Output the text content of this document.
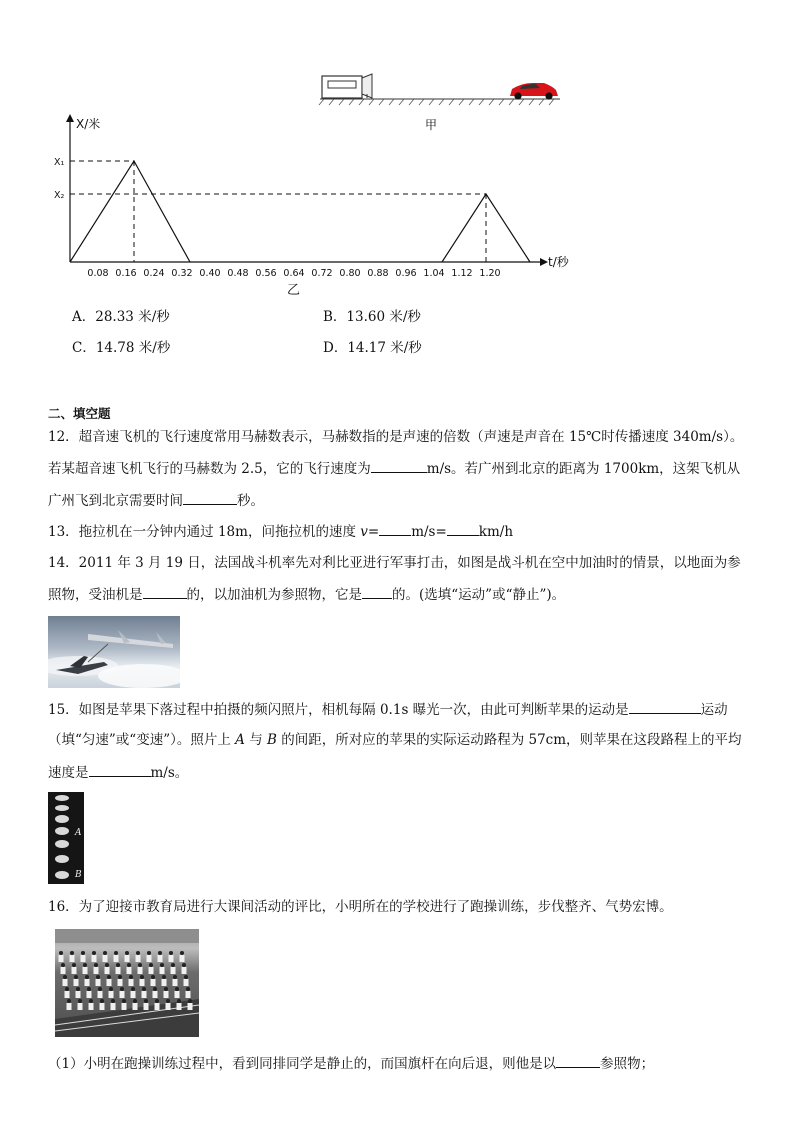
甲
X/米
t/秒
X₁
X₂
0.08 0.16 0.24 0.32 0.40 0.48 0.56 0.64 0.72 0.80 0.88 0.96 1.04 1.12 1.20
乙
A．28.33 米/秒	B．13.60 米/秒
C．14.78 米/秒	D．14.17 米/秒
二、填空题
12．超音速飞机的飞行速度常用马赫数表示，马赫数指的是声速的倍数（声速是声音在 15℃时传播速度 340m/s）。
若某超音速飞机飞行的马赫数为 2.5，它的飞行速度为	m/s。若广州到北京的距离为 1700km，这架飞机从
广州飞到北京需要时间	秒。
13．拖拉机在一分钟内通过 18m，问拖拉机的速度 v= m/s= km/h
14．2011 年 3 月 19 日，法国战斗机率先对利比亚进行军事打击，如图是战斗机在空中加油时的情景，以地面为参
照物，受油机是	的，以加油机为参照物，它是 的。(选填“运动”或“静止”)。
15．如图是苹果下落过程中拍摄的频闪照片，相机每隔 0.1s 曝光一次，由此可判断苹果的运动是	运动
（填“匀速”或“变速”）。照片上 A 与 B 的间距，所对应的苹果的实际运动路程为 57cm，则苹果在这段路程上的平均
速度是	m/s。
A
B
16．为了迎接市教育局进行大课间活动的评比，小明所在的学校进行了跑操训练，步伐整齐、气势宏博。
（1）小明在跑操训练过程中，看到同排同学是静止的，而国旗杆在向后退，则他是以	参照物；
